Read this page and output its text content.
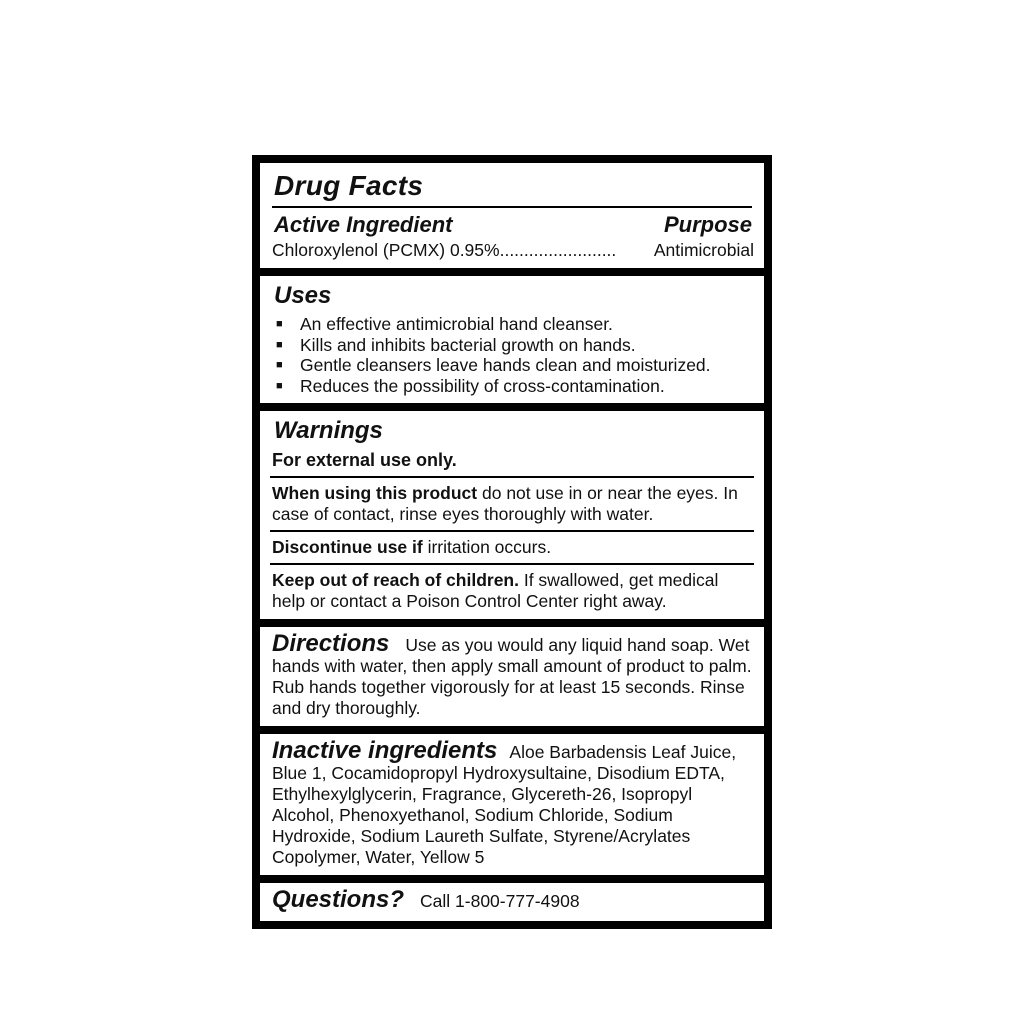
Drug Facts
Active Ingredient	Purpose
Chloroxylenol (PCMX) 0.95% ........................	Antimicrobial
Uses
■ An effective antimicrobial hand cleanser.
■ Kills and inhibits bacterial growth on hands.
■ Gentle cleansers leave hands clean and moisturized.
■ Reduces the possibility of cross-contamination.
Warnings

For external use only.

When using this product do not use in or near the eyes. In case of contact, rinse eyes thoroughly with water.

Discontinue use if irritation occurs.

Keep out of reach of children. If swallowed, get medical help or contact a Poison Control Center right away.

Directions Use as you would any liquid hand soap. Wet hands with water, then apply small amount of product to palm. Rub hands together vigorously for at least 15 seconds. Rinse and dry thoroughly.

Inactive ingredients Aloe Barbadensis Leaf Juice, Blue 1, Cocamidopropyl Hydroxysultaine, Disodium EDTA, Ethylhexylglycerin, Fragrance, Glycereth-26, Isopropyl Alcohol, Phenoxyethanol, Sodium Chloride, Sodium Hydroxide, Sodium Laureth Sulfate, Styrene/Acrylates Copolymer, Water, Yellow 5

Questions? Call 1-800-777-4908
